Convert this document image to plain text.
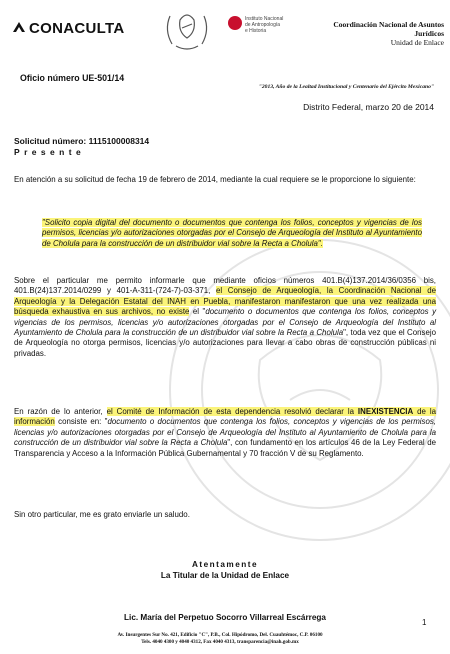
CONACULTA
Instituto Nacional
de Antropología
e Historia
Coordinación Nacional de Asuntos Jurídicos
Unidad de Enlace
Oficio número UE-501/14
"2013, Año de la Lealtad Institucional y Centenario del Ejército Mexicano"
Distrito Federal, marzo 20 de 2014
Solicitud número: 1115100008314
Presente
En atención a su solicitud de fecha 19 de febrero de 2014, mediante la cual requiere se le proporcione lo siguiente:
"Solicito copia digital del documento o documentos que contenga los folios, conceptos y vigencias de los permisos, licencias y/o autorizaciones otorgadas por el Consejo de Arqueología del Instituto al Ayuntamiento de Cholula para la construcción de un distribuidor vial sobre la Recta a Cholula".
Sobre el particular me permito informarle que mediante oficios números 401.B(4)137.2014/36/0356 bis, 401.B(24)137.2014/0299 y 401-A-311-(724-7)-03-371, el Consejo de Arqueología, la Coordinación Nacional de Arqueología y la Delegación Estatal del INAH en Puebla, manifestaron manifestaron que una vez realizada una búsqueda exhaustiva en sus archivos, no existe el "documento o documentos que contenga los folios, conceptos y vigencias de los permisos, licencias y/o autorizaciones otorgadas por el Consejo de Arqueología del Instituto al Ayuntamiento de Cholula para la construcción de un distribuidor vial sobre la Recta a Cholula", toda vez que el Consejo de Arqueología no otorga permisos, licencias y/o autorizaciones para llevar a cabo obras de construcción públicas ni privadas.
En razón de lo anterior, el Comité de Información de esta dependencia resolvió declarar la INEXISTENCIA de la información consiste en: "documento o documentos que contenga los folios, conceptos y vigencias de los permisos, licencias y/o autorizaciones otorgadas por el Consejo de Arqueología del Instituto al Ayuntamiento de Cholula para la construcción de un distribuidor vial sobre la Recta a Cholula", con fundamento en los artículos 46 de la Ley Federal de Transparencia y Acceso a la Información Pública Gubernamental y 70 fracción V de su Reglamento.
Sin otro particular, me es grato enviarle un saludo.
Atentamente
La Titular de la Unidad de Enlace
Lic. María del Perpetuo Socorro Villarreal Escárrega
1
Av. Insurgentes Sur No. 421, Edificio "C", P.B., Col. Hipódromo, Del. Cuauhtémoc, C.P. 06100
Tels. 4040 4300 y 4040 4312, Fax 4040 4313, transparencia@inah.gob.mx
